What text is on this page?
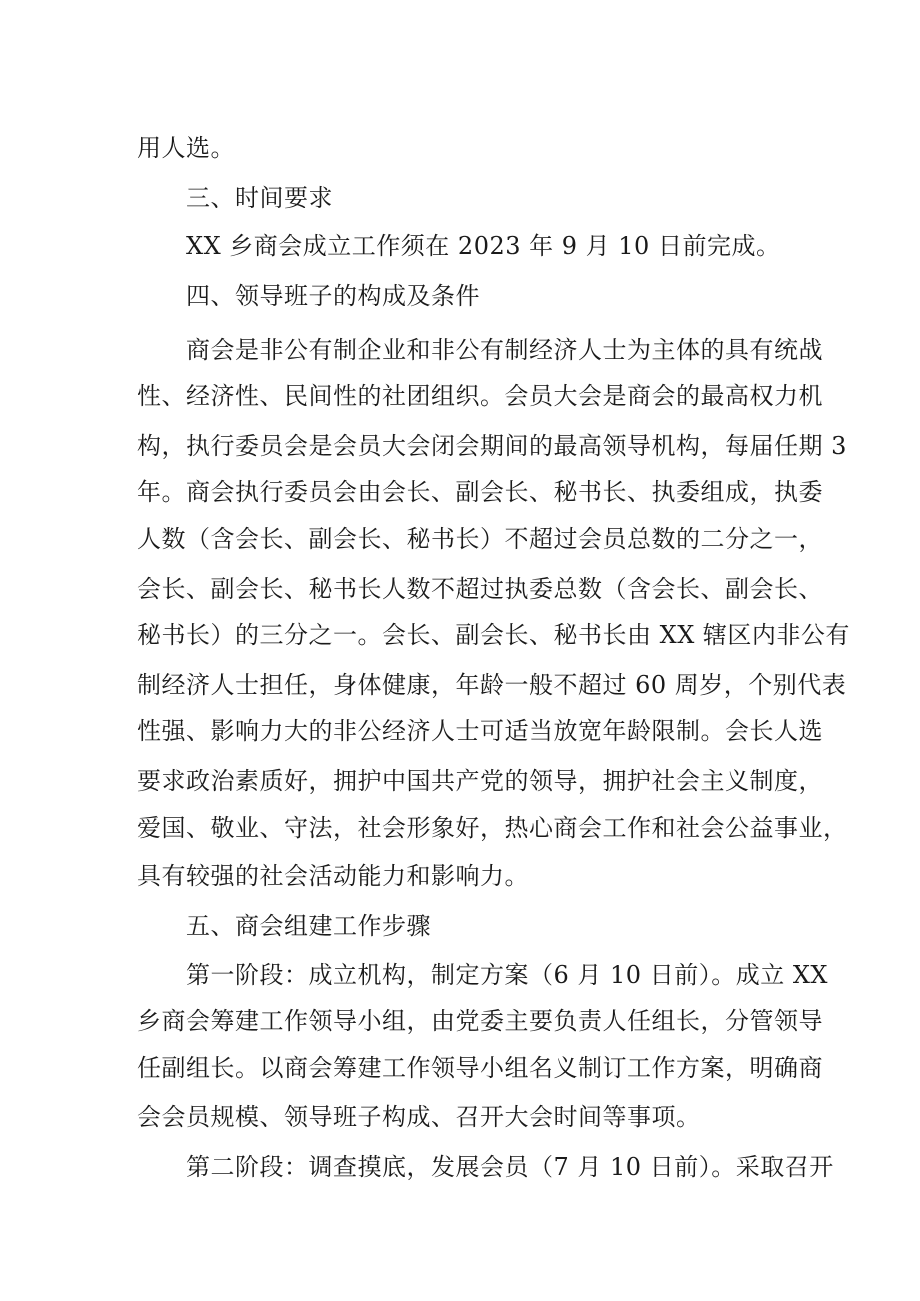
用人选。
三、时间要求
XX 乡商会成立工作须在 2023 年 9 月 10 日前完成。
四、领导班子的构成及条件
商会是非公有制企业和非公有制经济人士为主体的具有统战
性、经济性、民间性的社团组织。会员大会是商会的最高权力机
构，执行委员会是会员大会闭会期间的最高领导机构，每届任期 3
年。商会执行委员会由会长、副会长、秘书长、执委组成，执委
人数（含会长、副会长、秘书长）不超过会员总数的二分之一，
会长、副会长、秘书长人数不超过执委总数（含会长、副会长、
秘书长）的三分之一。会长、副会长、秘书长由 XX 辖区内非公有
制经济人士担任，身体健康，年龄一般不超过 60 周岁，个别代表
性强、影响力大的非公经济人士可适当放宽年龄限制。会长人选
要求政治素质好，拥护中国共产党的领导，拥护社会主义制度，
爱国、敬业、守法，社会形象好，热心商会工作和社会公益事业，
具有较强的社会活动能力和影响力。
五、商会组建工作步骤
第一阶段：成立机构，制定方案（6 月 10 日前）。成立 XX
乡商会筹建工作领导小组，由党委主要负责人任组长，分管领导
任副组长。以商会筹建工作领导小组名义制订工作方案，明确商
会会员规模、领导班子构成、召开大会时间等事项。
第二阶段：调查摸底，发展会员（7 月 10 日前）。采取召开
